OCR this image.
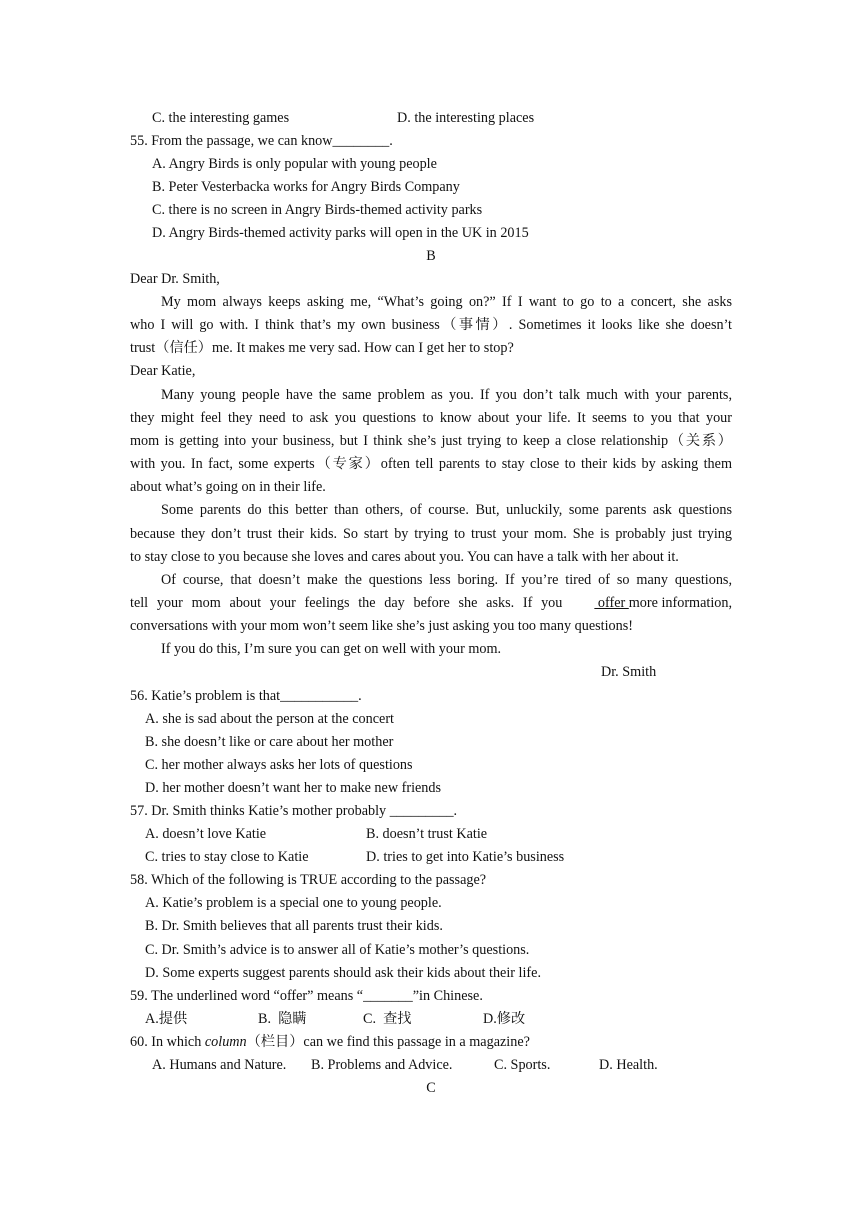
C. the interesting games	D. the interesting places
55. From the passage, we can know________.
A. Angry Birds is only popular with young people
B. Peter Vesterbacka works for Angry Birds Company
C. there is no screen in Angry Birds-themed activity parks
D. Angry Birds-themed activity parks will open in the UK in 2015
B
Dear Dr. Smith,
My mom always keeps asking me, “What’s going on?” If I want to go to a concert, she asks
who I will go with. I think that’s my own business（事情）. Sometimes it looks like she doesn’t
trust（信任）me. It makes me very sad. How can I get her to stop?
Dear Katie,
Many young people have the same problem as you. If you don’t talk much with your parents,
they might feel they need to ask you questions to know about your life. It seems to you that your
mom is getting into your business, but I think she’s just trying to keep a close relationship（关系）
with you. In fact, some experts（专家）often tell parents to stay close to their kids by asking them
about what’s going on in their life.
Some parents do this better than others, of course. But, unluckily, some parents ask questions
because they don’t trust their kids. So start by trying to trust your mom. She is probably just trying
to stay close to you because she loves and cares about you. You can have a talk with her about it.
Of course, that doesn’t make the questions less boring. If you’re tired of so many questions,
tell your mom about your feelings the day before she asks. If you offer more information,
conversations with your mom won’t seem like she’s just asking you too many questions!
If you do this, I’m sure you can get on well with your mom.
Dr. Smith
56. Katie’s problem is that___________.
A. she is sad about the person at the concert
B. she doesn’t like or care about her mother
C. her mother always asks her lots of questions
D. her mother doesn’t want her to make new friends
57. Dr. Smith thinks Katie’s mother probably _________.
A. doesn’t love Katie	B. doesn’t trust Katie
C. tries to stay close to Katie	D. tries to get into Katie’s business
58. Which of the following is TRUE according to the passage?
A. Katie’s problem is a special one to young people.
B. Dr. Smith believes that all parents trust their kids.
C. Dr. Smith’s advice is to answer all of Katie’s mother’s questions.
D. Some experts suggest parents should ask their kids about their life.
59. The underlined word “offer” means “_______”in Chinese.
A.提供	B.  隐瞒	C.  查找	D.修改
60. In which column（栏目）can we find this passage in a magazine?
A. Humans and Nature. B. Problems and Advice.	C. Sports.	D. Health.
C
